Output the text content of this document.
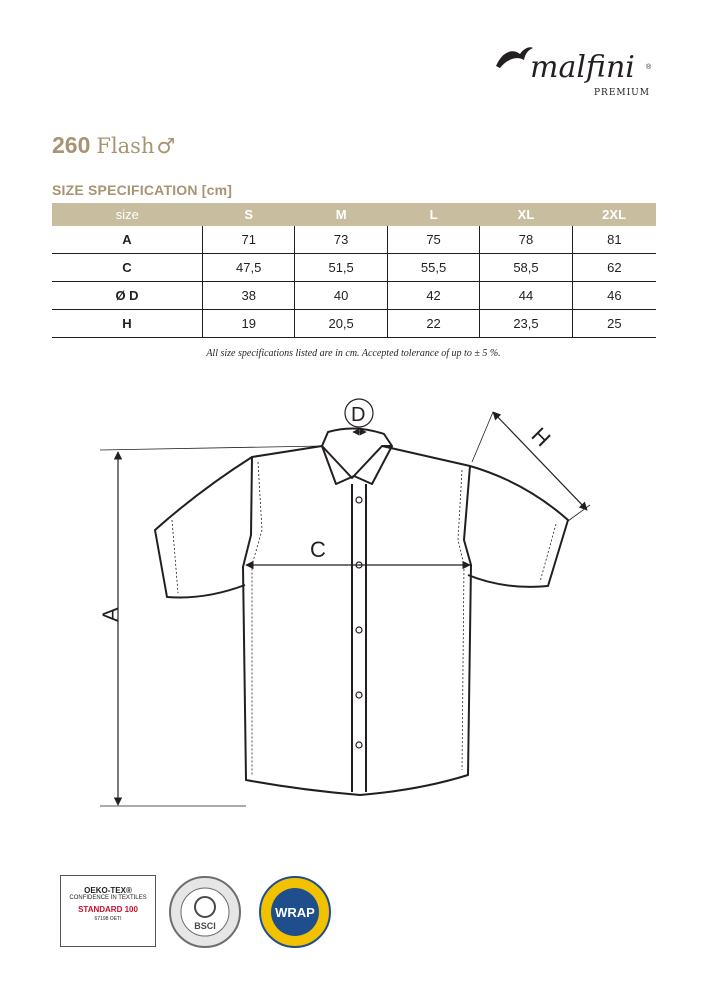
malfini ®
PREMIUM
260 Flash ♂
SIZE SPECIFICATION [cm]
size	S	M	L	XL	2XL
A	71	73	75	78	81
C	47,5	51,5	55,5	58,5	62
Ø D	38	40	42	44	46
H	19	20,5	22	23,5	25
All size specifications listed are in cm. Accepted tolerance of up to ± 5 %.
A
C
D
H
OEKO-TEX®
CONFIDENCE IN TEXTILES
STANDARD 100
67198 OETI
BSCI
WRAP
